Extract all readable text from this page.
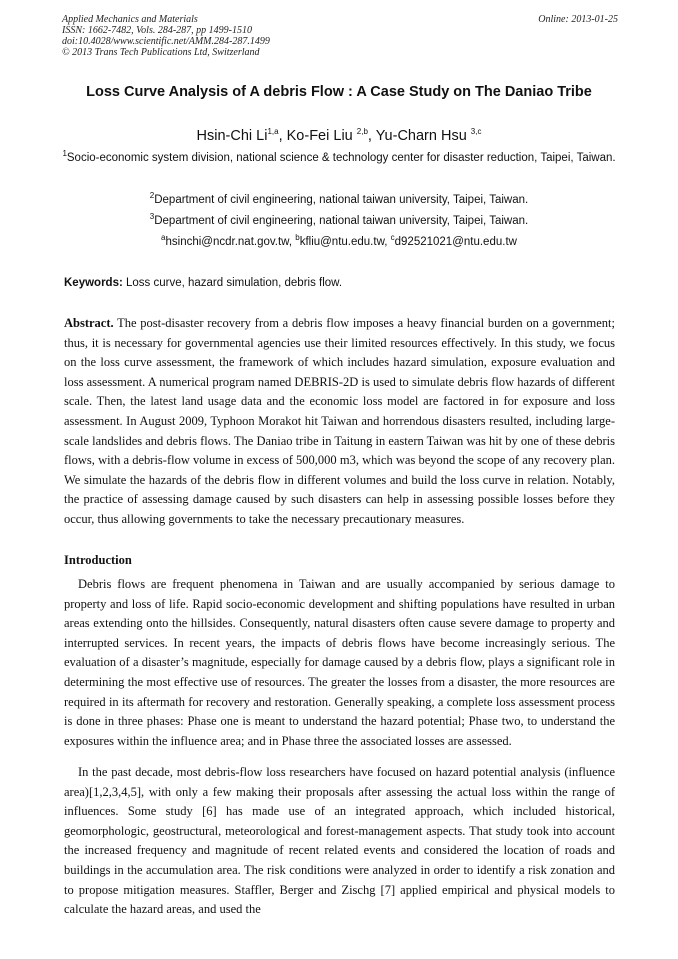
Applied Mechanics and Materials
ISSN: 1662-7482, Vols. 284-287, pp 1499-1510
doi:10.4028/www.scientific.net/AMM.284-287.1499
© 2013 Trans Tech Publications Ltd, Switzerland
Online: 2013-01-25
Loss Curve Analysis of A debris Flow : A Case Study on The Daniao Tribe
Hsin-Chi Li$^{1,a}$, Ko-Fei Liu $^{2,b}$, Yu-Charn Hsu $^{3,c}$
$^1$Socio-economic system division, national science & technology center for disaster reduction, Taipei, Taiwan.
$^2$Department of civil engineering, national taiwan university, Taipei, Taiwan.
$^3$Department of civil engineering, national taiwan university, Taipei, Taiwan.
$^a$hsinchi@ncdr.nat.gov.tw, $^b$kfliu@ntu.edu.tw, $^c$d92521021@ntu.edu.tw
Keywords: Loss curve, hazard simulation, debris flow.
Abstract. The post-disaster recovery from a debris flow imposes a heavy financial burden on a government; thus, it is necessary for governmental agencies use their limited resources effectively. In this study, we focus on the loss curve assessment, the framework of which includes hazard simulation, exposure evaluation and loss assessment. A numerical program named DEBRIS-2D is used to simulate debris flow hazards of different scale. Then, the latest land usage data and the economic loss model are factored in for exposure and loss assessment. In August 2009, Typhoon Morakot hit Taiwan and horrendous disasters resulted, including large-scale landslides and debris flows. The Daniao tribe in Taitung in eastern Taiwan was hit by one of these debris flows, with a debris-flow volume in excess of 500,000 m3, which was beyond the scope of any recovery plan. We simulate the hazards of the debris flow in different volumes and build the loss curve in relation. Notably, the practice of assessing damage caused by such disasters can help in assessing possible losses before they occur, thus allowing governments to take the necessary precautionary measures.
Introduction
Debris flows are frequent phenomena in Taiwan and are usually accompanied by serious damage to property and loss of life. Rapid socio-economic development and shifting populations have resulted in urban areas extending onto the hillsides. Consequently, natural disasters often cause severe damage to property and interrupted services. In recent years, the impacts of debris flows have become increasingly serious. The evaluation of a disaster’s magnitude, especially for damage caused by a debris flow, plays a significant role in determining the most effective use of resources. The greater the losses from a disaster, the more resources are required in its aftermath for recovery and restoration. Generally speaking, a complete loss assessment process is done in three phases: Phase one is meant to understand the hazard potential; Phase two, to understand the exposures within the influence area; and in Phase three the associated losses are assessed.
In the past decade, most debris-flow loss researchers have focused on hazard potential analysis (influence area)[1,2,3,4,5], with only a few making their proposals after assessing the actual loss within the range of influences. Some study [6] has made use of an integrated approach, which included historical, geomorphologic, geostructural, meteorological and forest-management aspects. That study took into account the increased frequency and magnitude of recent related events and considered the location of roads and buildings in the accumulation area. The risk conditions were analyzed in order to identify a risk zonation and to propose mitigation measures. Staffler, Berger and Zischg [7] applied empirical and physical models to calculate the hazard areas, and used the
